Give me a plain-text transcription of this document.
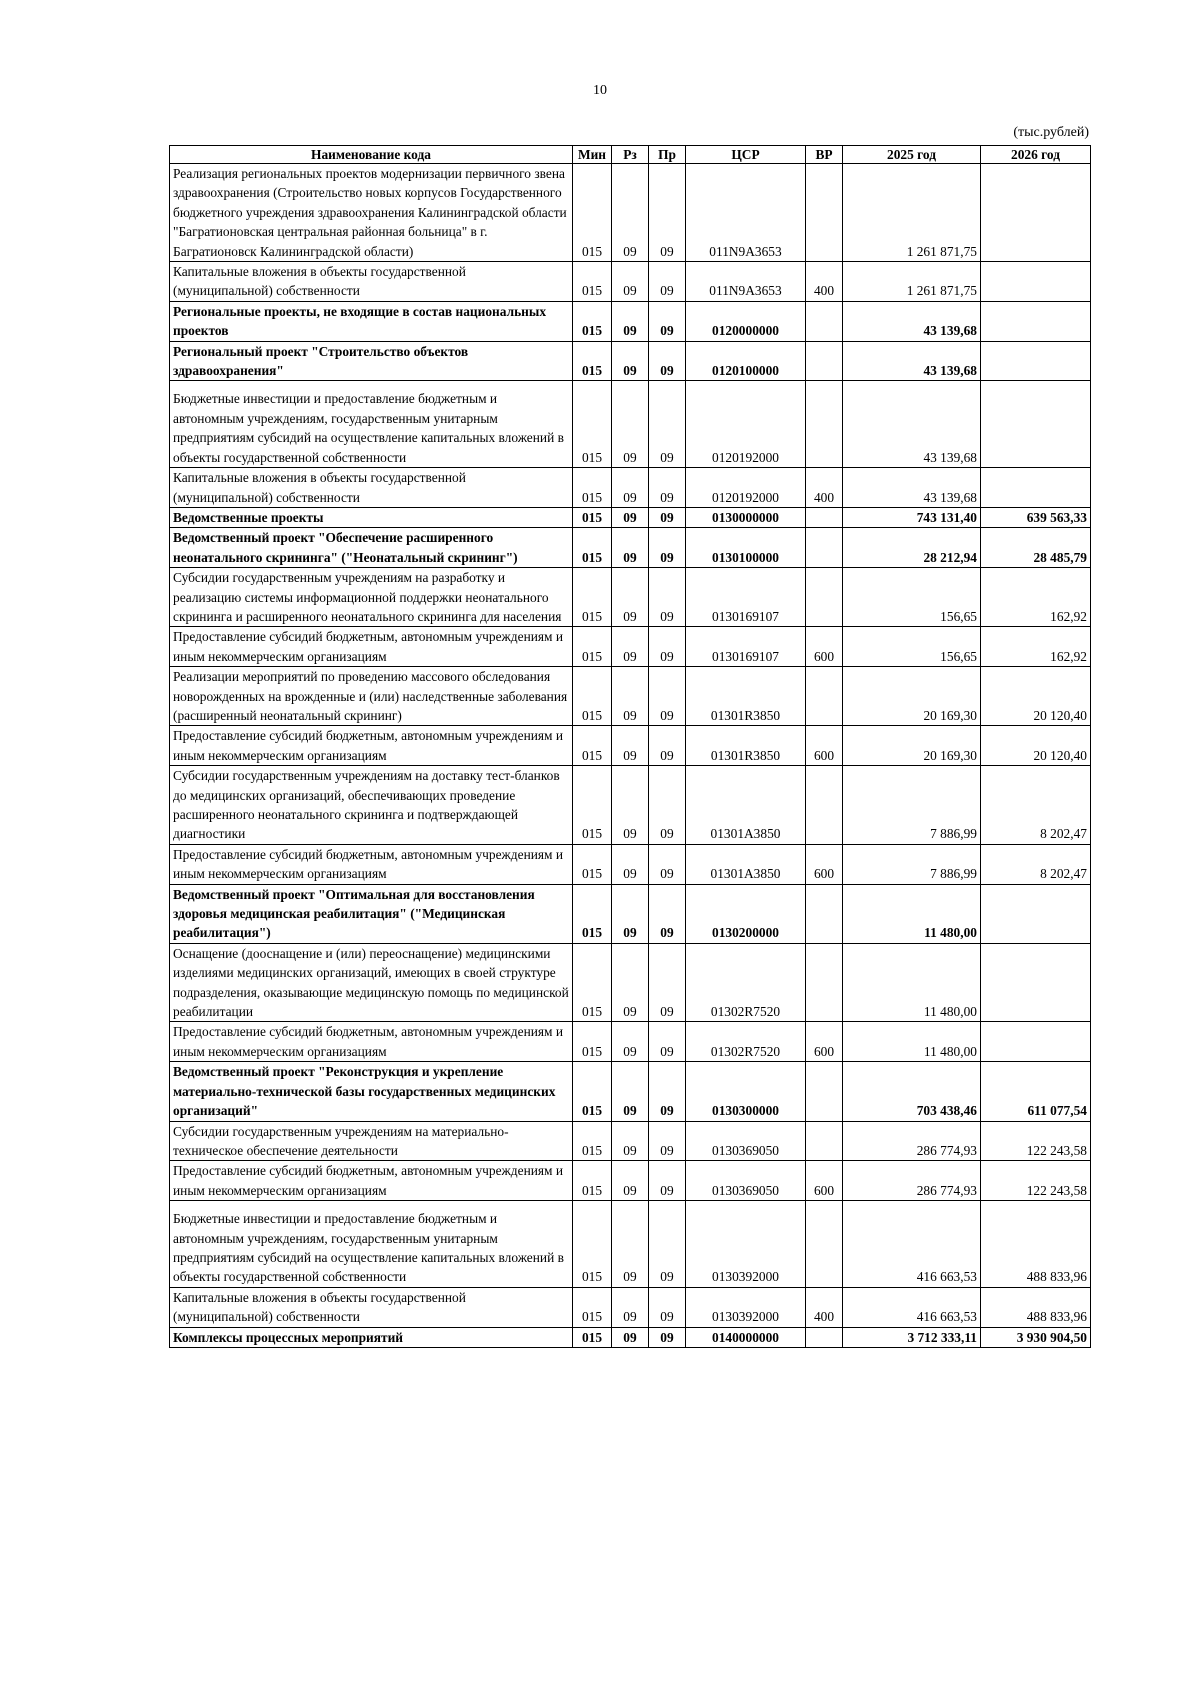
10
(тыс.рублей)
Наименование кода	Мин	Рз	Пр	ЦСР	ВР	2025 год	2026 год
Реализация региональных проектов модернизации первичного звена здравоохранения (Строительство новых корпусов Государственного бюджетного учреждения здравоохранения Калининградской области "Багратионовская центральная районная больница" в г. Багратионовск Калининградской области)	015	09	09	011N9A3653		1 261 871,75	
Капитальные вложения в объекты государственной (муниципальной) собственности	015	09	09	011N9A3653	400	1 261 871,75	
Региональные проекты, не входящие в состав национальных проектов	015	09	09	0120000000		43 139,68	
Региональный проект "Строительство объектов здравоохранения"	015	09	09	0120100000		43 139,68	
Бюджетные инвестиции и предоставление бюджетным и автономным учреждениям, государственным унитарным предприятиям субсидий на осуществление капитальных вложений в объекты государственной собственности	015	09	09	0120192000		43 139,68	
Капитальные вложения в объекты государственной (муниципальной) собственности	015	09	09	0120192000	400	43 139,68	
Ведомственные проекты	015	09	09	0130000000		743 131,40	639 563,33
Ведомственный проект "Обеспечение расширенного неонатального скрининга" ("Неонатальный скрининг")	015	09	09	0130100000		28 212,94	28 485,79
Субсидии государственным учреждениям на разработку и реализацию системы информационной поддержки неонатального скрининга и расширенного неонатального скрининга для населения	015	09	09	0130169107		156,65	162,92
Предоставление субсидий бюджетным, автономным учреждениям и иным некоммерческим организациям	015	09	09	0130169107	600	156,65	162,92
Реализации мероприятий по проведению массового обследования новорожденных на врожденные и (или) наследственные заболевания (расширенный неонатальный скрининг)	015	09	09	01301R3850		20 169,30	20 120,40
Предоставление субсидий бюджетным, автономным учреждениям и иным некоммерческим организациям	015	09	09	01301R3850	600	20 169,30	20 120,40
Субсидии государственным учреждениям на доставку тест-бланков до медицинских организаций, обеспечивающих проведение расширенного неонатального скрининга и подтверждающей диагностики	015	09	09	01301A3850		7 886,99	8 202,47
Предоставление субсидий бюджетным, автономным учреждениям и иным некоммерческим организациям	015	09	09	01301A3850	600	7 886,99	8 202,47
Ведомственный проект "Оптимальная для восстановления здоровья медицинская реабилитация" ("Медицинская реабилитация")	015	09	09	0130200000		11 480,00	
Оснащение (дооснащение и (или) переоснащение) медицинскими изделиями медицинских организаций, имеющих в своей структуре подразделения, оказывающие медицинскую помощь по медицинской реабилитации	015	09	09	01302R7520		11 480,00	
Предоставление субсидий бюджетным, автономным учреждениям и иным некоммерческим организациям	015	09	09	01302R7520	600	11 480,00	
Ведомственный проект "Реконструкция и укрепление материально-технической базы государственных медицинских организаций"	015	09	09	0130300000		703 438,46	611 077,54
Субсидии государственным учреждениям на материально-техническое обеспечение деятельности	015	09	09	0130369050		286 774,93	122 243,58
Предоставление субсидий бюджетным, автономным учреждениям и иным некоммерческим организациям	015	09	09	0130369050	600	286 774,93	122 243,58
Бюджетные инвестиции и предоставление бюджетным и автономным учреждениям, государственным унитарным предприятиям субсидий на осуществление капитальных вложений в объекты государственной собственности	015	09	09	0130392000		416 663,53	488 833,96
Капитальные вложения в объекты государственной (муниципальной) собственности	015	09	09	0130392000	400	416 663,53	488 833,96
Комплексы процессных мероприятий	015	09	09	0140000000		3 712 333,11	3 930 904,50
